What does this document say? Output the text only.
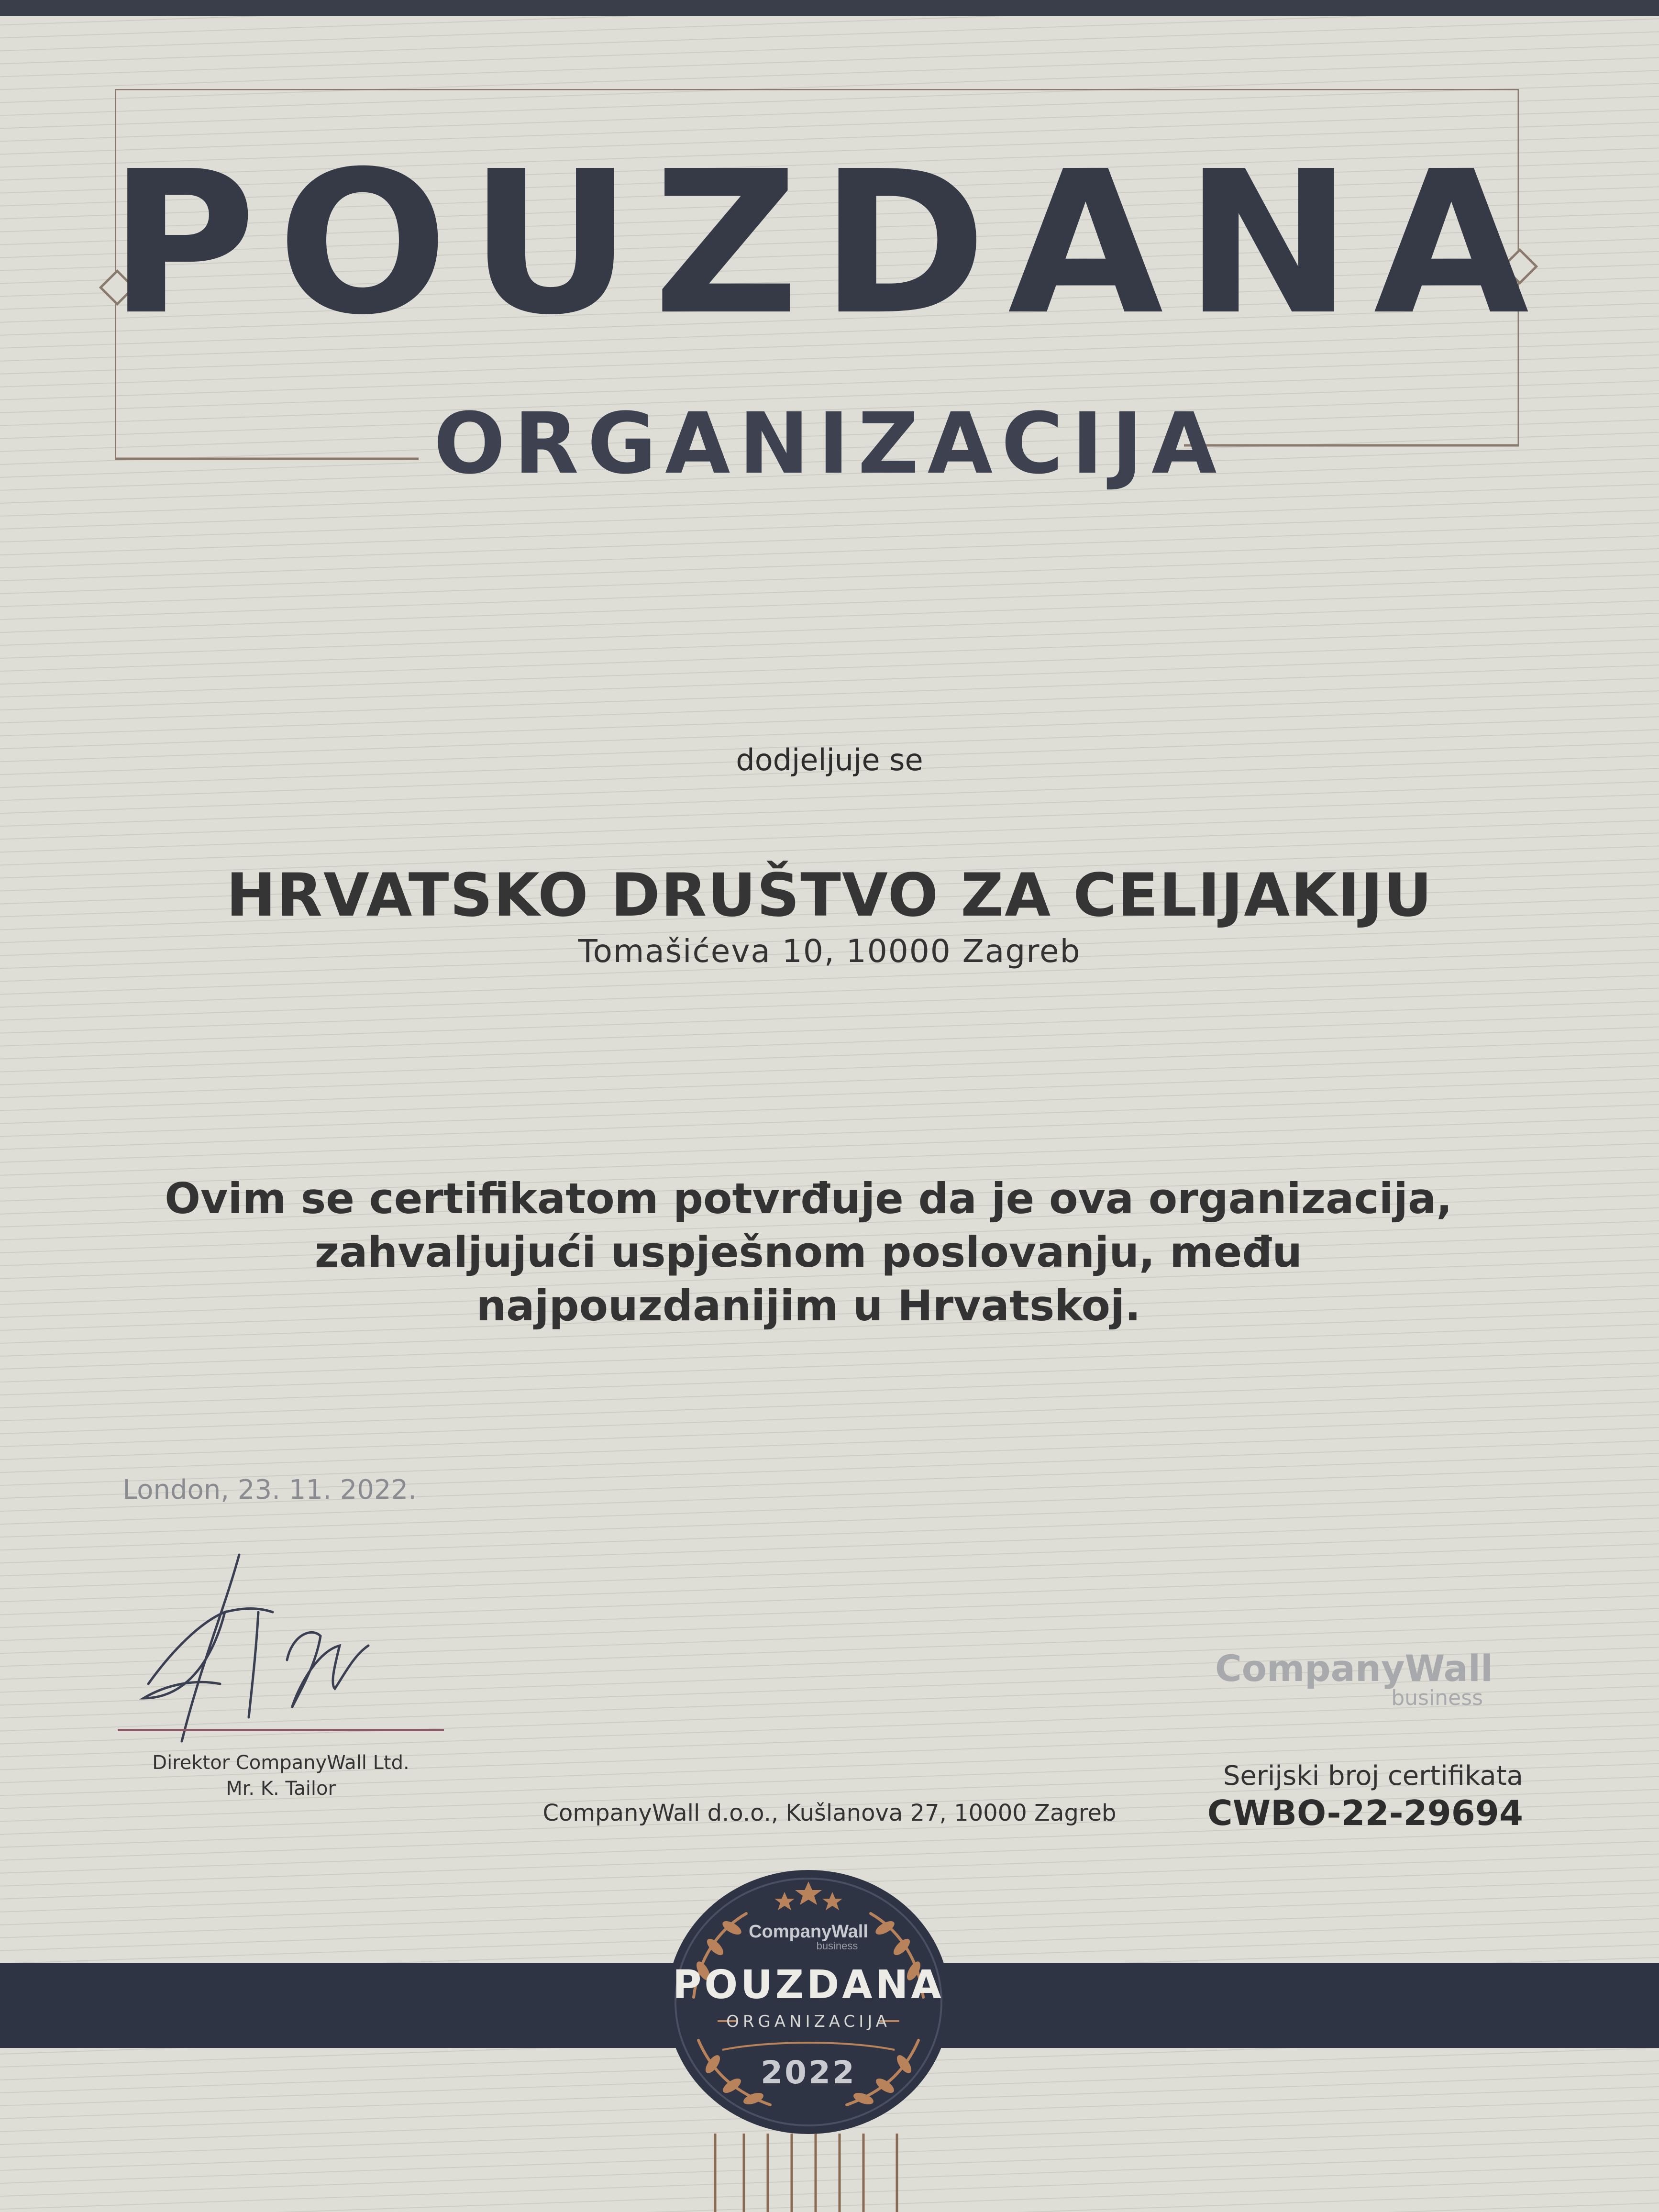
POUZDANA
ORGANIZACIJA
dodjeljuje se
HRVATSKO DRUŠTVO ZA CELIJAKIJU
Tomašićeva 10, 10000 Zagreb
Ovim se certifikatom potvrđuje da je ova organizacija,
zahvaljujući uspješnom poslovanju, među
najpouzdanijim u Hrvatskoj.
London, 23. 11. 2022.
Direktor CompanyWall Ltd.
Mr. K. Tailor
CompanyWall
business
Serijski broj certifikata
CWBO-22-29694
CompanyWall d.o.o., Kušlanova 27, 10000 Zagreb
CompanyWall
business
POUZDANA
ORGANIZACIJA
2022
